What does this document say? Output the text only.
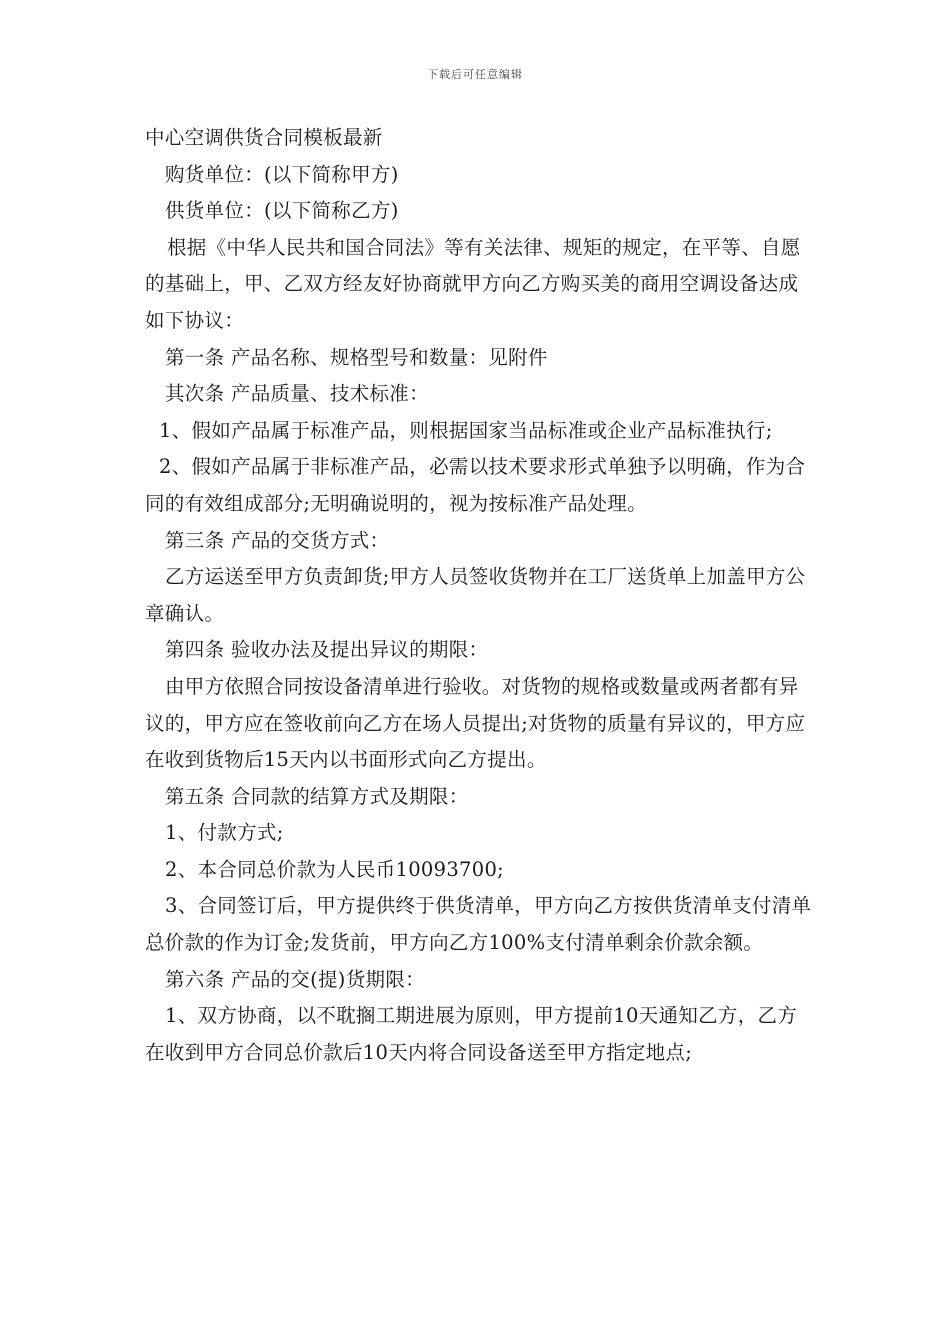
下载后可任意编辑

中心空调供货合同模板最新

购货单位：(以下简称甲方)

供货单位：(以下简称乙方)

根据《中华人民共和国合同法》等有关法律、规矩的规定，在平等、自愿的基础上，甲、乙双方经友好协商就甲方向乙方购买美的商用空调设备达成如下协议：

第一条 产品名称、规格型号和数量：见附件

其次条 产品质量、技术标准：

1、假如产品属于标准产品，则根据国家当品标准或企业产品标准执行;

2、假如产品属于非标准产品，必需以技术要求形式单独予以明确，作为合同的有效组成部分;无明确说明的，视为按标准产品处理。

第三条 产品的交货方式：

乙方运送至甲方负责卸货;甲方人员签收货物并在工厂送货单上加盖甲方公章确认。

第四条 验收办法及提出异议的期限：

由甲方依照合同按设备清单进行验收。对货物的规格或数量或两者都有异议的，甲方应在签收前向乙方在场人员提出;对货物的质量有异议的，甲方应在收到货物后15天内以书面形式向乙方提出。

第五条 合同款的结算方式及期限：

1、付款方式;

2、本合同总价款为人民币10093700;

3、合同签订后，甲方提供终于供货清单，甲方向乙方按供货清单支付清单总价款的作为订金;发货前，甲方向乙方100%支付清单剩余价款余额。

第六条 产品的交(提)货期限：

1、双方协商，以不耽搁工期进展为原则，甲方提前10天通知乙方，乙方在收到甲方合同总价款后10天内将合同设备送至甲方指定地点;
